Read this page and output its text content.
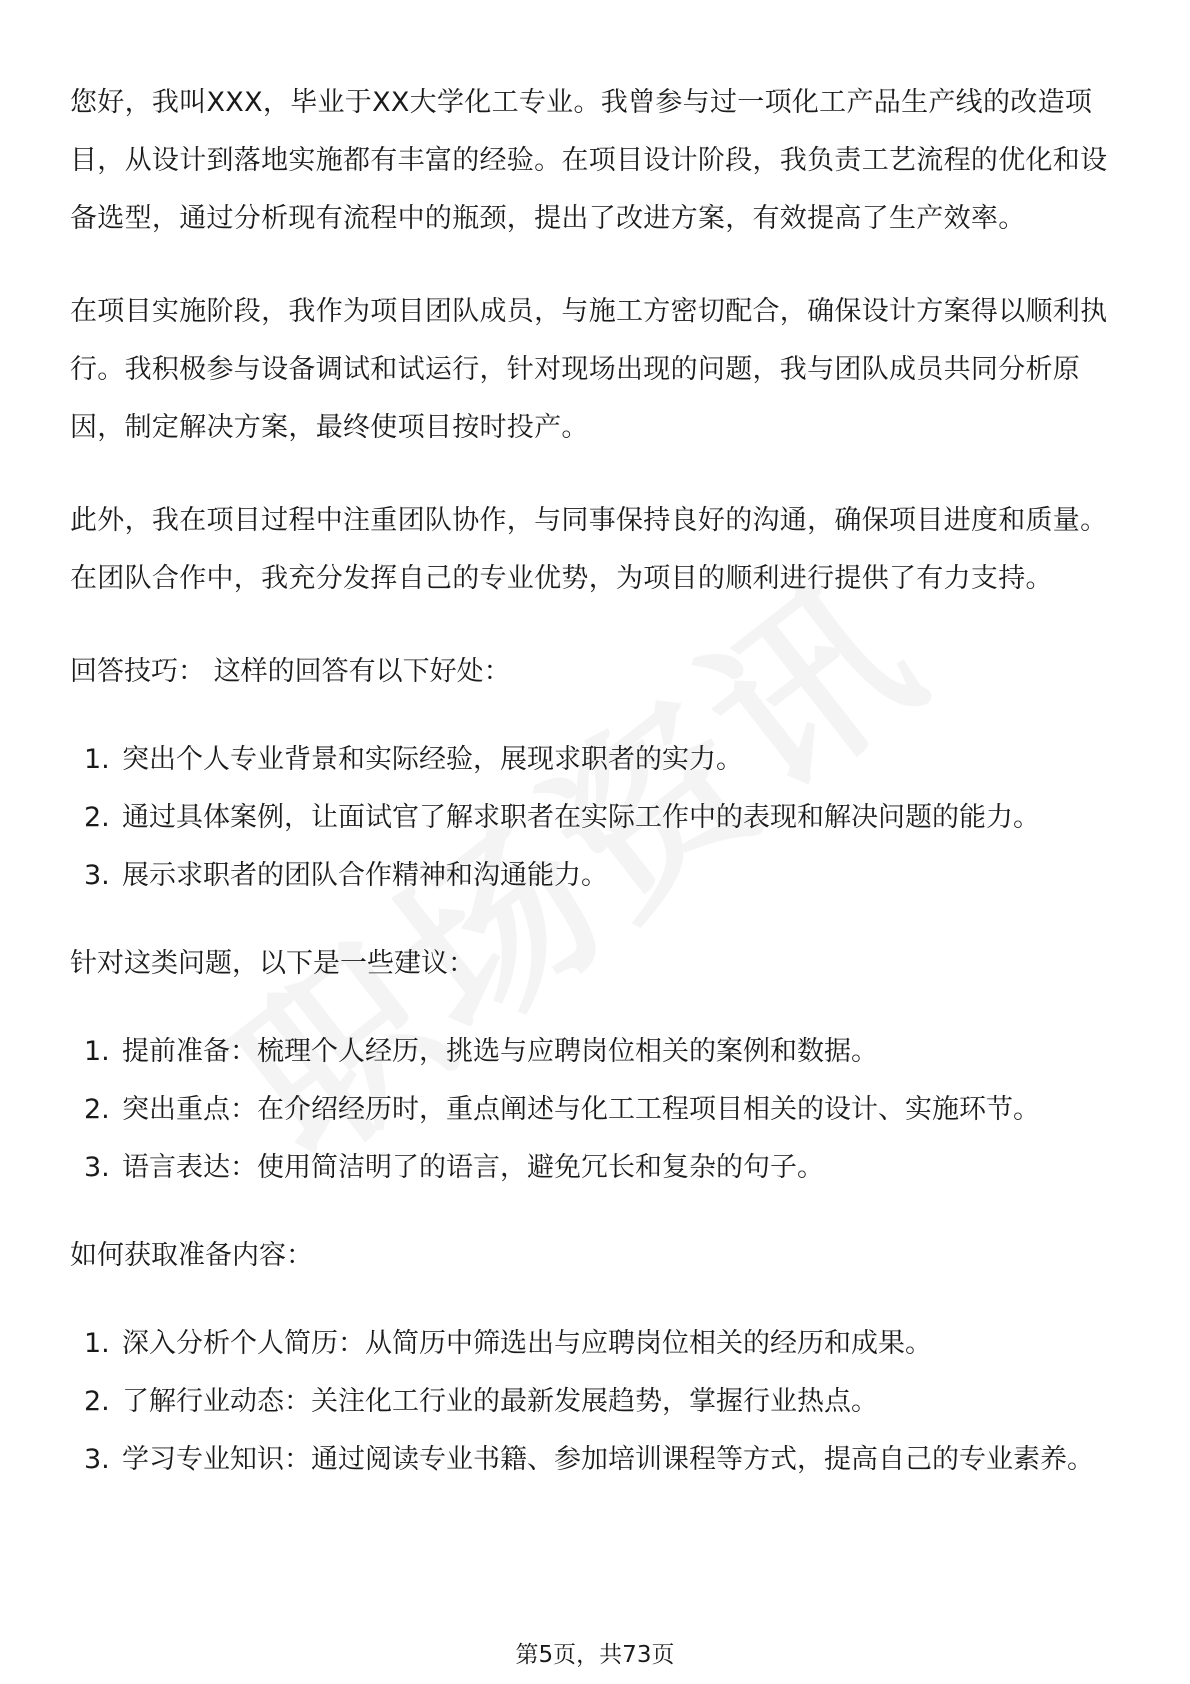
您好，我叫XXX，毕业于XX大学化工专业。我曾参与过一项化工产品生产线的改造项目，从设计到落地实施都有丰富的经验。在项目设计阶段，我负责工艺流程的优化和设备选型，通过分析现有流程中的瓶颈，提出了改进方案，有效提高了生产效率。

在项目实施阶段，我作为项目团队成员，与施工方密切配合，确保设计方案得以顺利执行。我积极参与设备调试和试运行，针对现场出现的问题，我与团队成员共同分析原因，制定解决方案，最终使项目按时投产。

此外，我在项目过程中注重团队协作，与同事保持良好的沟通，确保项目进度和质量。在团队合作中，我充分发挥自己的专业优势，为项目的顺利进行提供了有力支持。

回答技巧： 这样的回答有以下好处：

1. 突出个人专业背景和实际经验，展现求职者的实力。
2. 通过具体案例，让面试官了解求职者在实际工作中的表现和解决问题的能力。
3. 展示求职者的团队合作精神和沟通能力。

针对这类问题，以下是一些建议：

1. 提前准备：梳理个人经历，挑选与应聘岗位相关的案例和数据。
2. 突出重点：在介绍经历时，重点阐述与化工工程项目相关的设计、实施环节。
3. 语言表达：使用简洁明了的语言，避免冗长和复杂的句子。

如何获取准备内容：

1. 深入分析个人简历：从简历中筛选出与应聘岗位相关的经历和成果。
2. 了解行业动态：关注化工行业的最新发展趋势，掌握行业热点。
3. 学习专业知识：通过阅读专业书籍、参加培训课程等方式，提高自己的专业素养。
第5页，共73页
